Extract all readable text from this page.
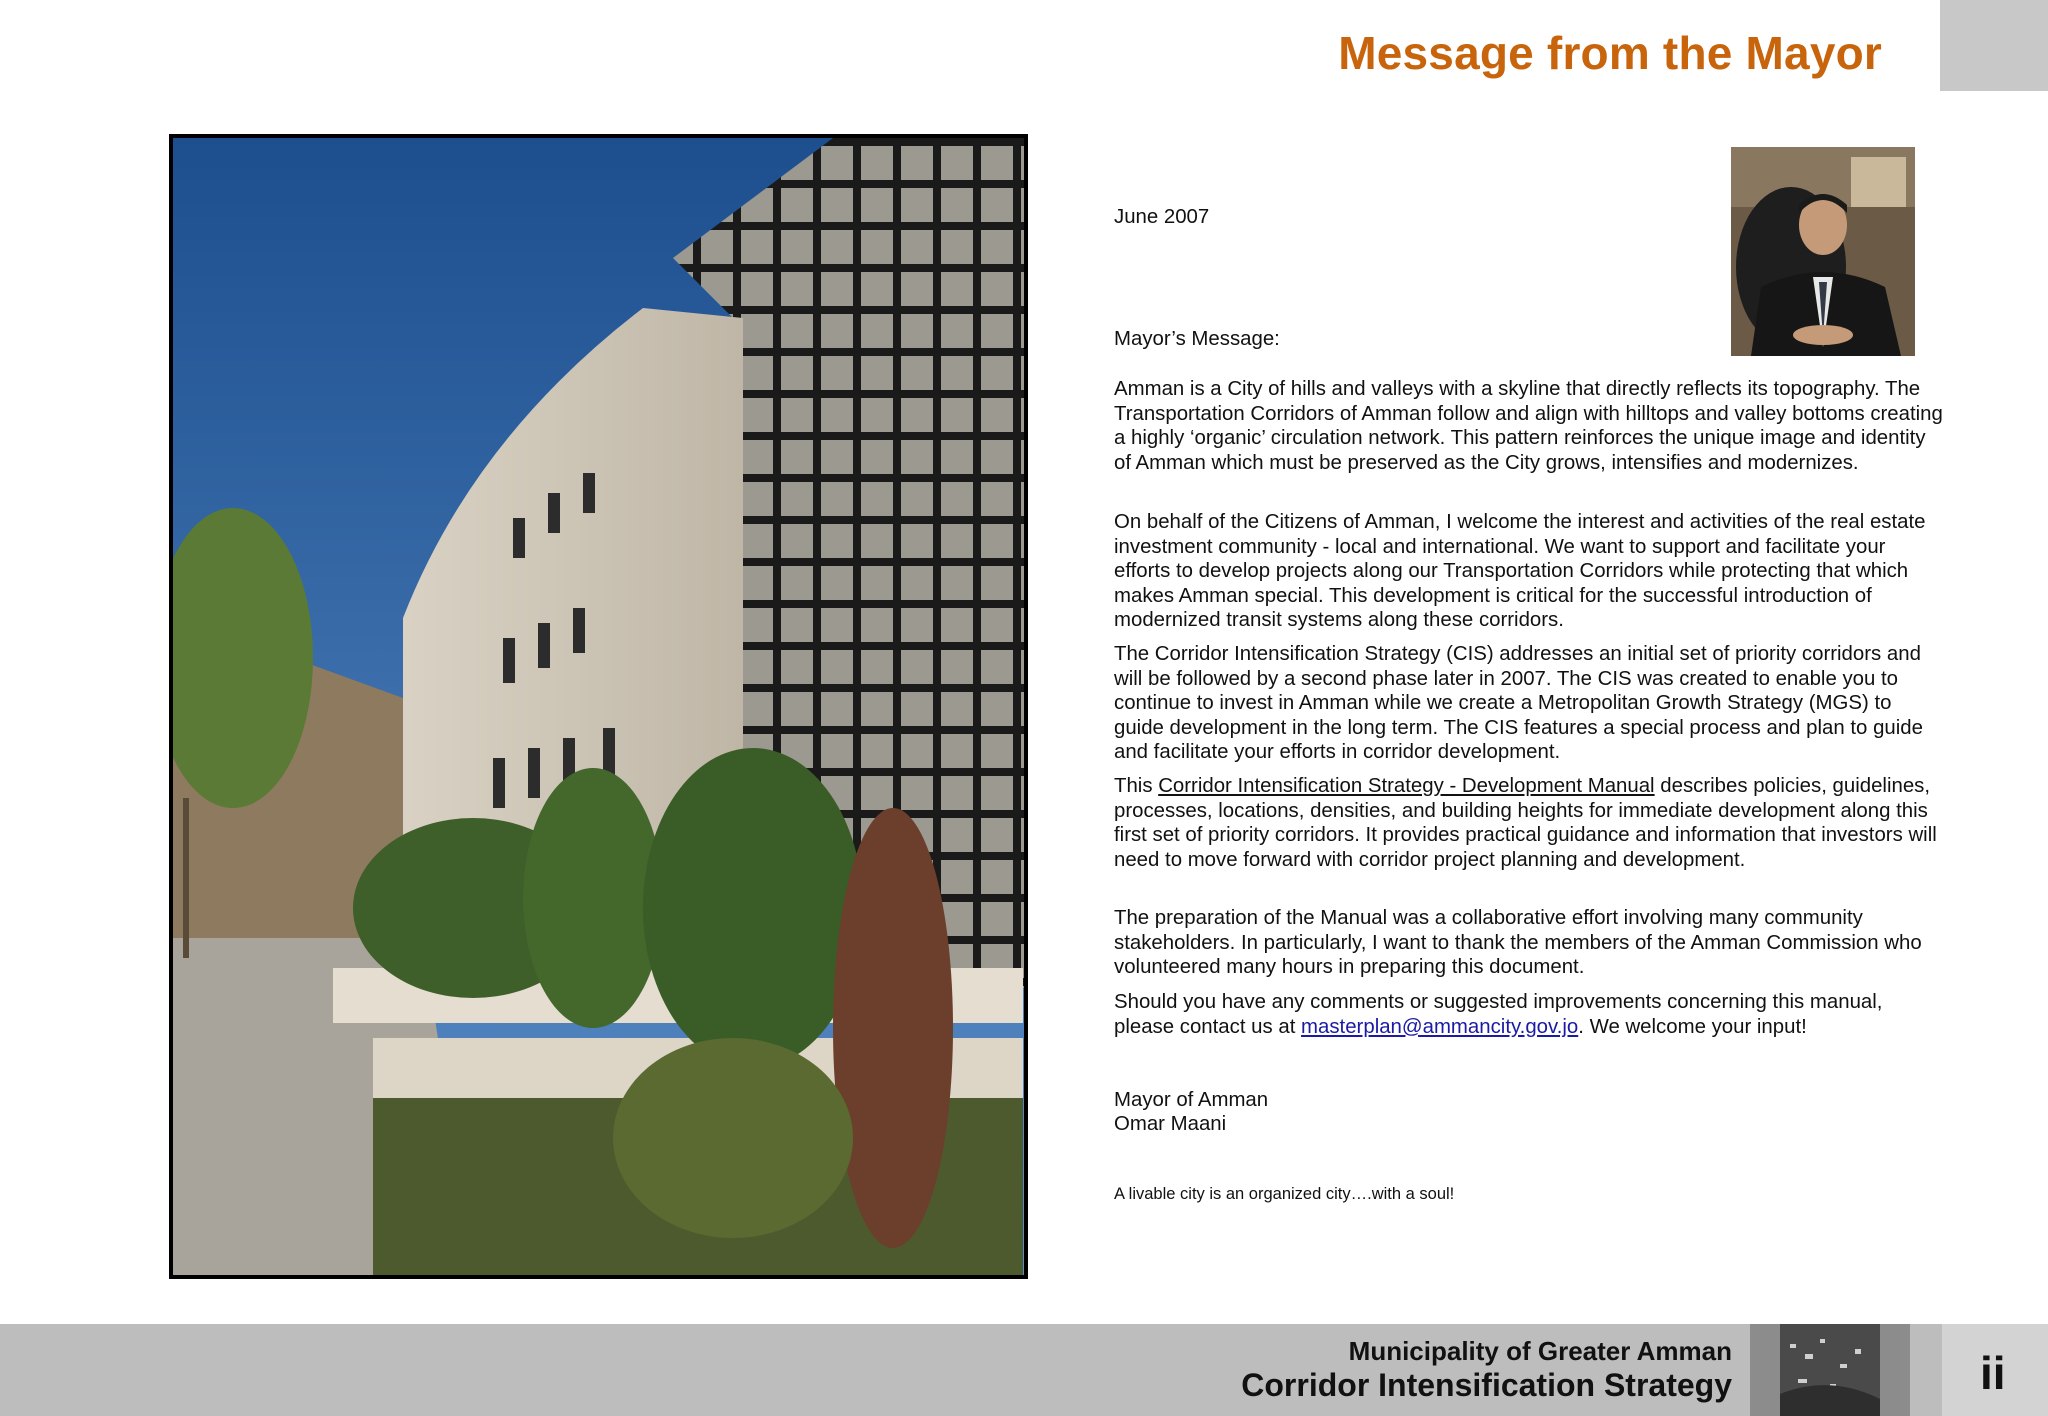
Message from the Mayor
June 2007
Mayor’s Message:

Amman is a City of hills and valleys with a skyline that directly reflects its topography. The Transportation Corridors of Amman follow and align with hilltops and valley bottoms creating a highly ‘organic’ circulation network. This pattern reinforces the unique image and identity of Amman which must be preserved as the City grows, intensifies and modernizes.

On behalf of the Citizens of Amman, I welcome the interest and activities of the real estate investment community - local and international. We want to support and facilitate your efforts to develop projects along our Transportation Corridors while protecting that which makes Amman special. This development is critical for the successful introduction of modernized transit systems along these corridors.

The Corridor Intensification Strategy (CIS) addresses an initial set of priority corridors and will be followed by a second phase later in 2007. The CIS was created to enable you to continue to invest in Amman while we create a Metropolitan Growth Strategy (MGS) to guide development in the long term. The CIS features a special process and plan to guide and facilitate your efforts in corridor development.

This Corridor Intensification Strategy - Development Manual describes policies, guidelines, processes, locations, densities, and building heights for immediate development along this first set of priority corridors. It provides practical guidance and information that investors will need to move forward with corridor project planning and development.

The preparation of the Manual was a collaborative effort involving many community stakeholders. In particularly, I want to thank the members of the Amman Commission who volunteered many hours in preparing this document.

Should you have any comments or suggested improvements concerning this manual, please contact us at masterplan@ammancity.gov.jo. We welcome your input!

Mayor of Amman
Omar Maani
A livable city is an organized city….with a soul!
Municipality of Greater Amman
Corridor Intensification Strategy	ii
